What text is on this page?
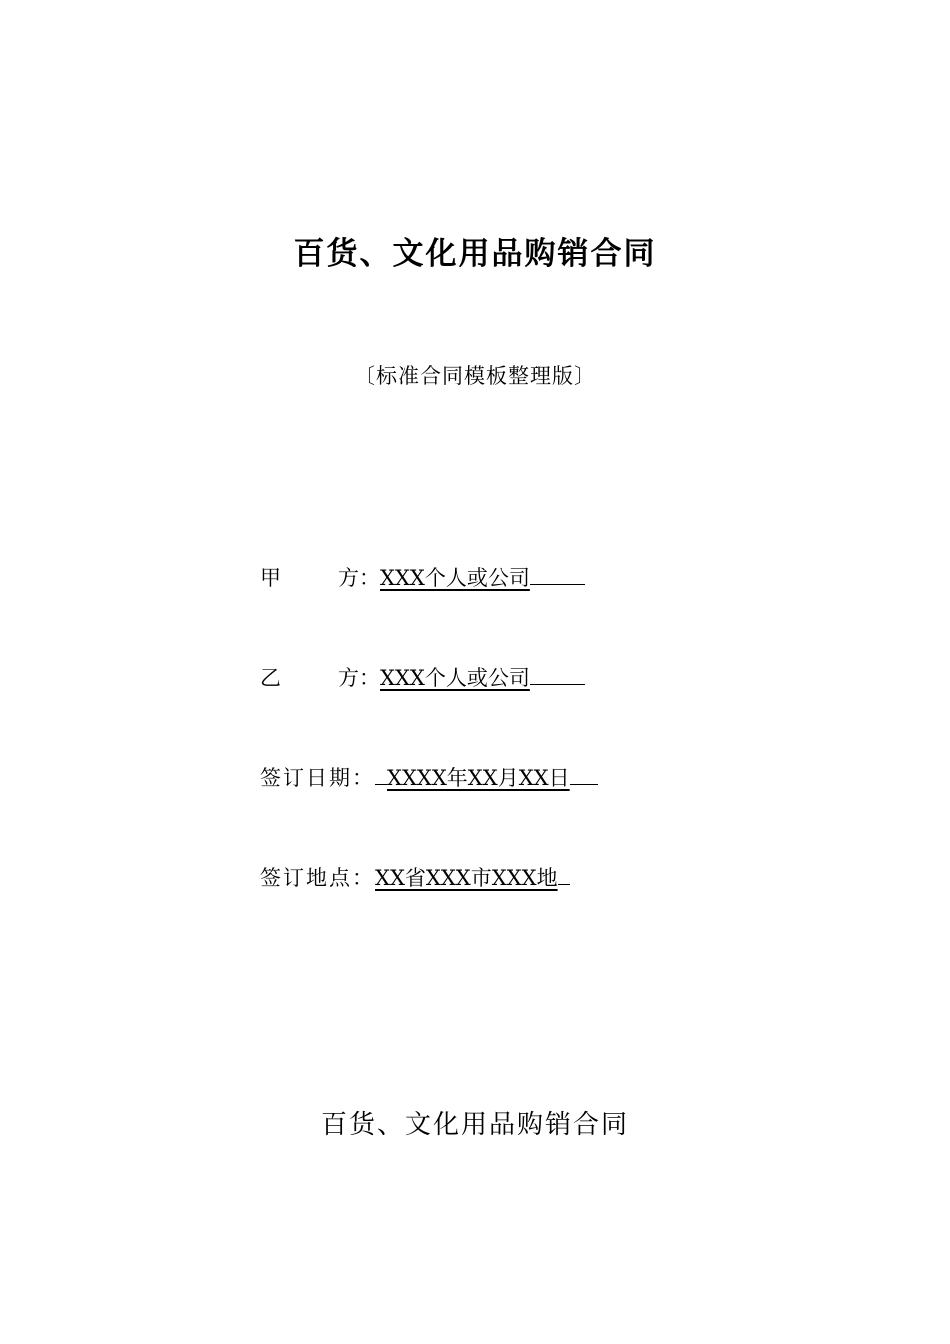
百货、文化用品购销合同
〔标准合同模板整理版〕
甲	方： XXX个人或公司
乙	方： XXX个人或公司
签订日期： XXXX年XX月XX日
签订地点： XX省XXX市XXX地
百货、文化用品购销合同
